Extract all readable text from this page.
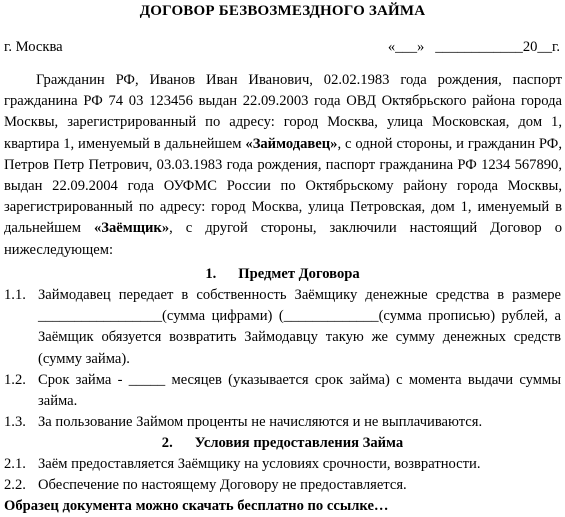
ДОГОВОР БЕЗВОЗМЕЗДНОГО ЗАЙМА
г. Москва	«___»   ____________20__г.
Гражданин РФ, Иванов Иван Иванович, 02.02.1983 года рождения, паспорт гражданина РФ 74 03 123456 выдан 22.09.2003 года ОВД Октябрьского района города Москвы, зарегистрированный по адресу: город Москва, улица Московская, дом 1, квартира 1, именуемый в дальнейшем «Займодавец», с одной стороны, и гражданин РФ, Петров Петр Петрович, 03.03.1983 года рождения, паспорт гражданина РФ 1234 567890, выдан 22.09.2004 года ОУФМС России по Октябрьскому району города Москвы, зарегистрированный по адресу: город Москва, улица Петровская, дом 1, именуемый в дальнейшем «Заёмщик», с другой стороны, заключили настоящий Договор о нижеследующем:
1. Предмет Договора
1.1. Займодавец передает в собственность Заёмщику денежные средства в размере _________________(сумма цифрами) (_____________(сумма прописью) рублей, а Заёмщик обязуется возвратить Займодавцу такую же сумму денежных средств (сумму займа).
1.2. Срок займа - _____ месяцев (указывается срок займа) с момента выдачи суммы займа.
1.3. За пользование Займом проценты не начисляются и не выплачиваются.
2. Условия предоставления Займа
2.1. Заём предоставляется Заёмщику на условиях срочности, возвратности.
2.2. Обеспечение по настоящему Договору не предоставляется.
Образец документа можно скачать бесплатно по ссылке…
